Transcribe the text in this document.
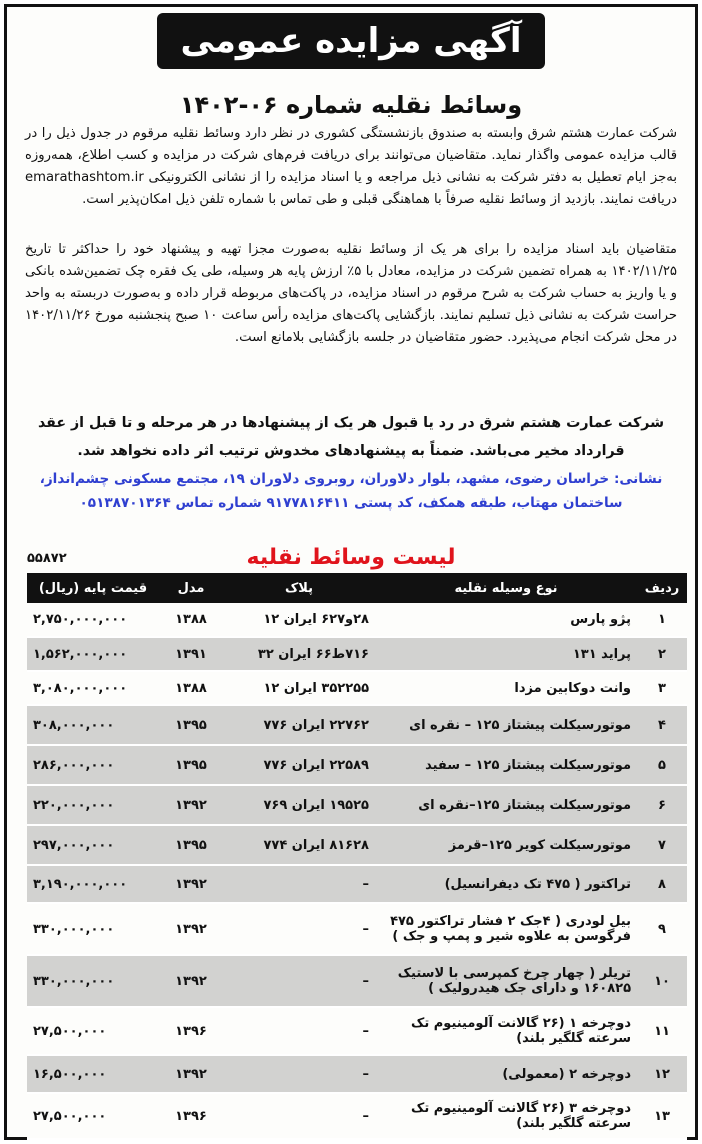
آگهی مزایده عمومی
وسائط نقلیه شماره ۰۶-۱۴۰۲
شرکت عمارت هشتم شرق وابسته به صندوق بازنشستگی کشوری در نظر دارد وسائط نقلیه مرقوم در جدول ذیل را در قالب مزایده عمومی واگذار نماید. متقاضیان می‌توانند برای دریافت فرم‌های شرکت در مزایده و کسب اطلاع، همه‌روزه به‌جز ایام تعطیل به دفتر شرکت به نشانی ذیل مراجعه و یا اسناد مزایده را از نشانی الکترونیکی emarathashtom.ir دریافت نمایند. بازدید از وسائط نقلیه صرفاً با هماهنگی قبلی و طی تماس با شماره تلفن ذیل امکان‌پذیر است.
متقاضیان باید اسناد مزایده را برای هر یک از وسائط نقلیه به‌صورت مجزا تهیه و پیشنهاد خود را حداکثر تا تاریخ ۱۴۰۲/۱۱/۲۵ به همراه تضمین شرکت در مزایده، معادل با ۵٪ ارزش پایه هر وسیله، طی یک فقره چک تضمین‌شده بانکی و یا واریز به حساب شرکت به شرح مرقوم در اسناد مزایده، در پاکت‌های مربوطه قرار داده و به‌صورت دربسته به واحد حراست شرکت به نشانی ذیل تسلیم نمایند. بازگشایی پاکت‌های مزایده رأس ساعت ۱۰ صبح پنجشنبه مورخ ۱۴۰۲/۱۱/۲۶ در محل شرکت انجام می‌پذیرد. حضور متقاضیان در جلسه بازگشایی بلامانع است.
شرکت عمارت هشتم شرق در رد یا قبول هر یک از پیشنهادها در هر مرحله و تا قبل از عقد قرارداد مخیر می‌باشد. ضمناً به پیشنهادهای مخدوش ترتیب اثر داده نخواهد شد.
نشانی: خراسان رضوی، مشهد، بلوار دلاوران، روبروی دلاوران ۱۹، مجتمع مسکونی چشم‌انداز، ساختمان مهتاب، طبقه همکف، کد پستی ۹۱۷۷۸۱۶۴۱۱ شماره تماس ۰۵۱۳۸۷۰۱۳۶۴
۵۵۸۷۲	لیست وسائط نقلیه
ردیف	نوع وسیله نقلیه	پلاک	مدل	قیمت پایه (ریال)
۱	پژو پارس	۲۸و۶۲۷ ایران ۱۲	۱۳۸۸	۲,۷۵۰,۰۰۰,۰۰۰
۲	پراید ۱۳۱	۷۱۶ط۶۶ ایران ۳۲	۱۳۹۱	۱,۵۶۲,۰۰۰,۰۰۰
۳	وانت دوکابین مزدا	۳۵۲۲۵۵ ایران ۱۲	۱۳۸۸	۳,۰۸۰,۰۰۰,۰۰۰
۴	موتورسیکلت پیشتاز ۱۲۵ – نقره ای	۲۲۷۶۲ ایران ۷۷۶	۱۳۹۵	۳۰۸,۰۰۰,۰۰۰
۵	موتورسیکلت پیشتاز ۱۲۵ – سفید	۲۲۵۸۹ ایران ۷۷۶	۱۳۹۵	۲۸۶,۰۰۰,۰۰۰
۶	موتورسیکلت پیشتاز ۱۲۵–نقره ای	۱۹۵۲۵ ایران ۷۶۹	۱۳۹۲	۲۲۰,۰۰۰,۰۰۰
۷	موتورسیکلت کویر ۱۲۵–قرمز	۸۱۶۲۸ ایران ۷۷۴	۱۳۹۵	۲۹۷,۰۰۰,۰۰۰
۸	تراکتور ( ۴۷۵ تک دیفرانسیل)	–	۱۳۹۲	۳,۱۹۰,۰۰۰,۰۰۰
۹	بیل لودری ( ۴جک ۲ فشار تراکتور ۴۷۵ فرگوسن به علاوه شیر و پمپ و جک )	–	۱۳۹۲	۳۳۰,۰۰۰,۰۰۰
۱۰	تریلر ( چهار چرخ کمپرسی با لاستیک ۱۶۰۸۲۵ و دارای جک هیدرولیک )	–	۱۳۹۲	۳۳۰,۰۰۰,۰۰۰
۱۱	دوچرخه ۱ (۲۶ گالانت آلومینیوم تک سرعته گلگیر بلند)	–	۱۳۹۶	۲۷,۵۰۰,۰۰۰
۱۲	دوچرخه ۲ (معمولی)	–	۱۳۹۲	۱۶,۵۰۰,۰۰۰
۱۳	دوچرخه ۳ (۲۶ گالانت آلومینیوم تک سرعته گلگیر بلند)	–	۱۳۹۶	۲۷,۵۰۰,۰۰۰
